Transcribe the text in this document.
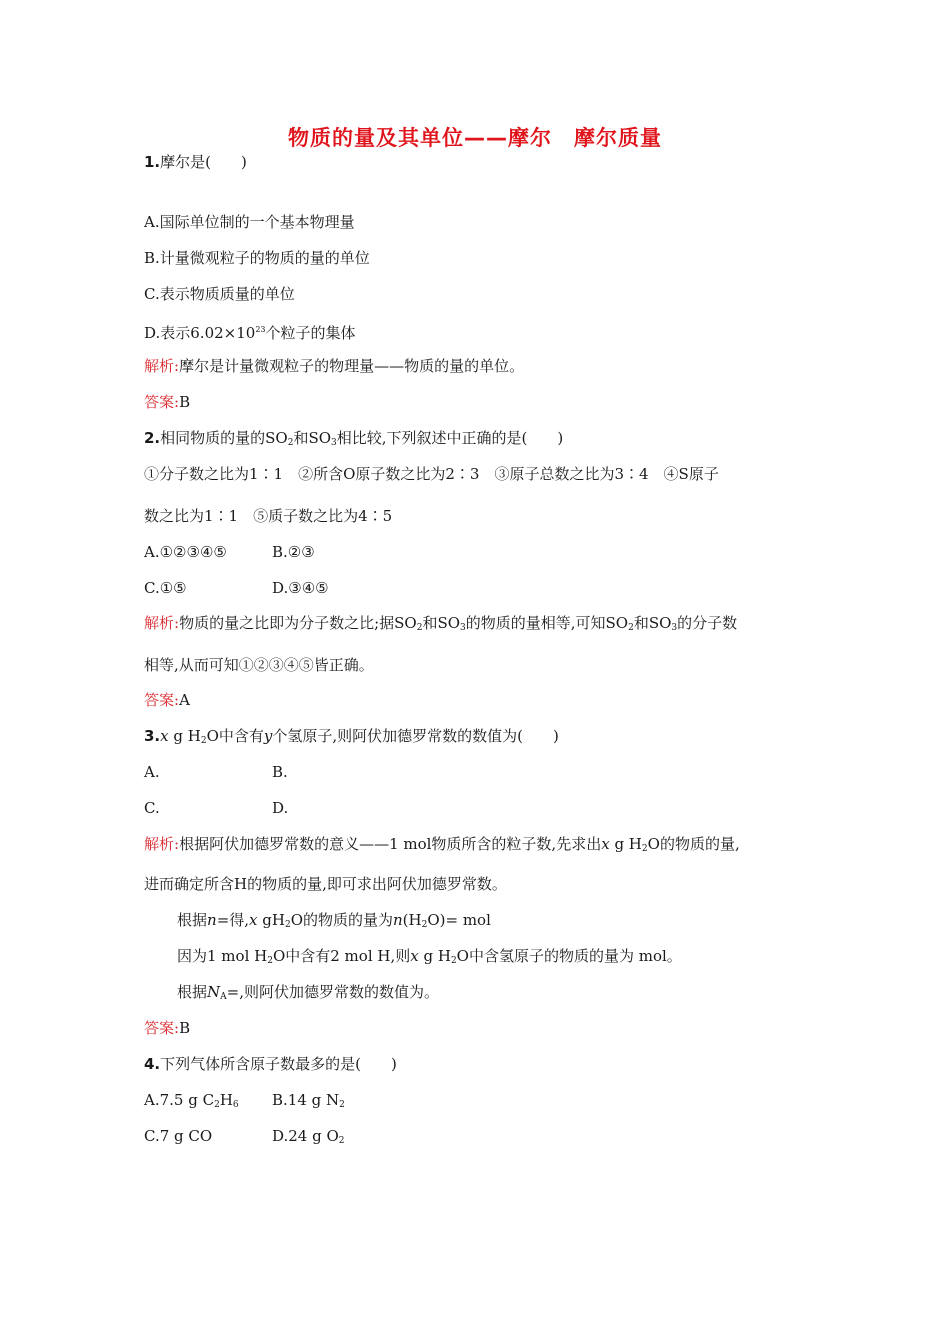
物质的量及其单位——摩尔　摩尔质量
1.摩尔是(　　)
A.国际单位制的一个基本物理量
B.计量微观粒子的物质的量的单位
C.表示物质质量的单位
D.表示$6.02\times 10^{23}$个粒子的集体
解析:摩尔是计量微观粒子的物理量——物质的量的单位。
答案:B
2.相同物质的量的$SO_2$和$SO_3$相比较,下列叙述中正确的是(　　)
①分子数之比为1∶1　②所含O原子数之比为2∶3　③原子总数之比为3∶4　④S原子
数之比为1∶1　⑤质子数之比为4∶5
A.①②③④⑤	B.②③
C.①⑤	D.③④⑤
解析:物质的量之比即为分子数之比;据$SO_2$和$SO_3$的物质的量相等,可知$SO_2$和$SO_3$的分子数
相等,从而可知①②③④⑤皆正确。
答案:A
3.x g $H_2O$中含有y个氢原子,则阿伏加德罗常数的数值为(　　)
A.	B.
C.	D.
解析:根据阿伏加德罗常数的意义——1 mol物质所含的粒子数,先求出x g $H_2O$的物质的量,
进而确定所含H的物质的量,即可求出阿伏加德罗常数。
根据n=得,x $gH_2O$的物质的量为$n(H_2O)=$ mol
因为1 mol $H_2O$中含有2 mol H,则x g $H_2O$中含氢原子的物质的量为 mol。
根据$N_A=$,则阿伏加德罗常数的数值为。
答案:B
4.下列气体所含原子数最多的是(　　)
A.7.5 g $C_2H_6$ B.14 g $N_2$
C.7 g CO	D.24 g $O_2$
